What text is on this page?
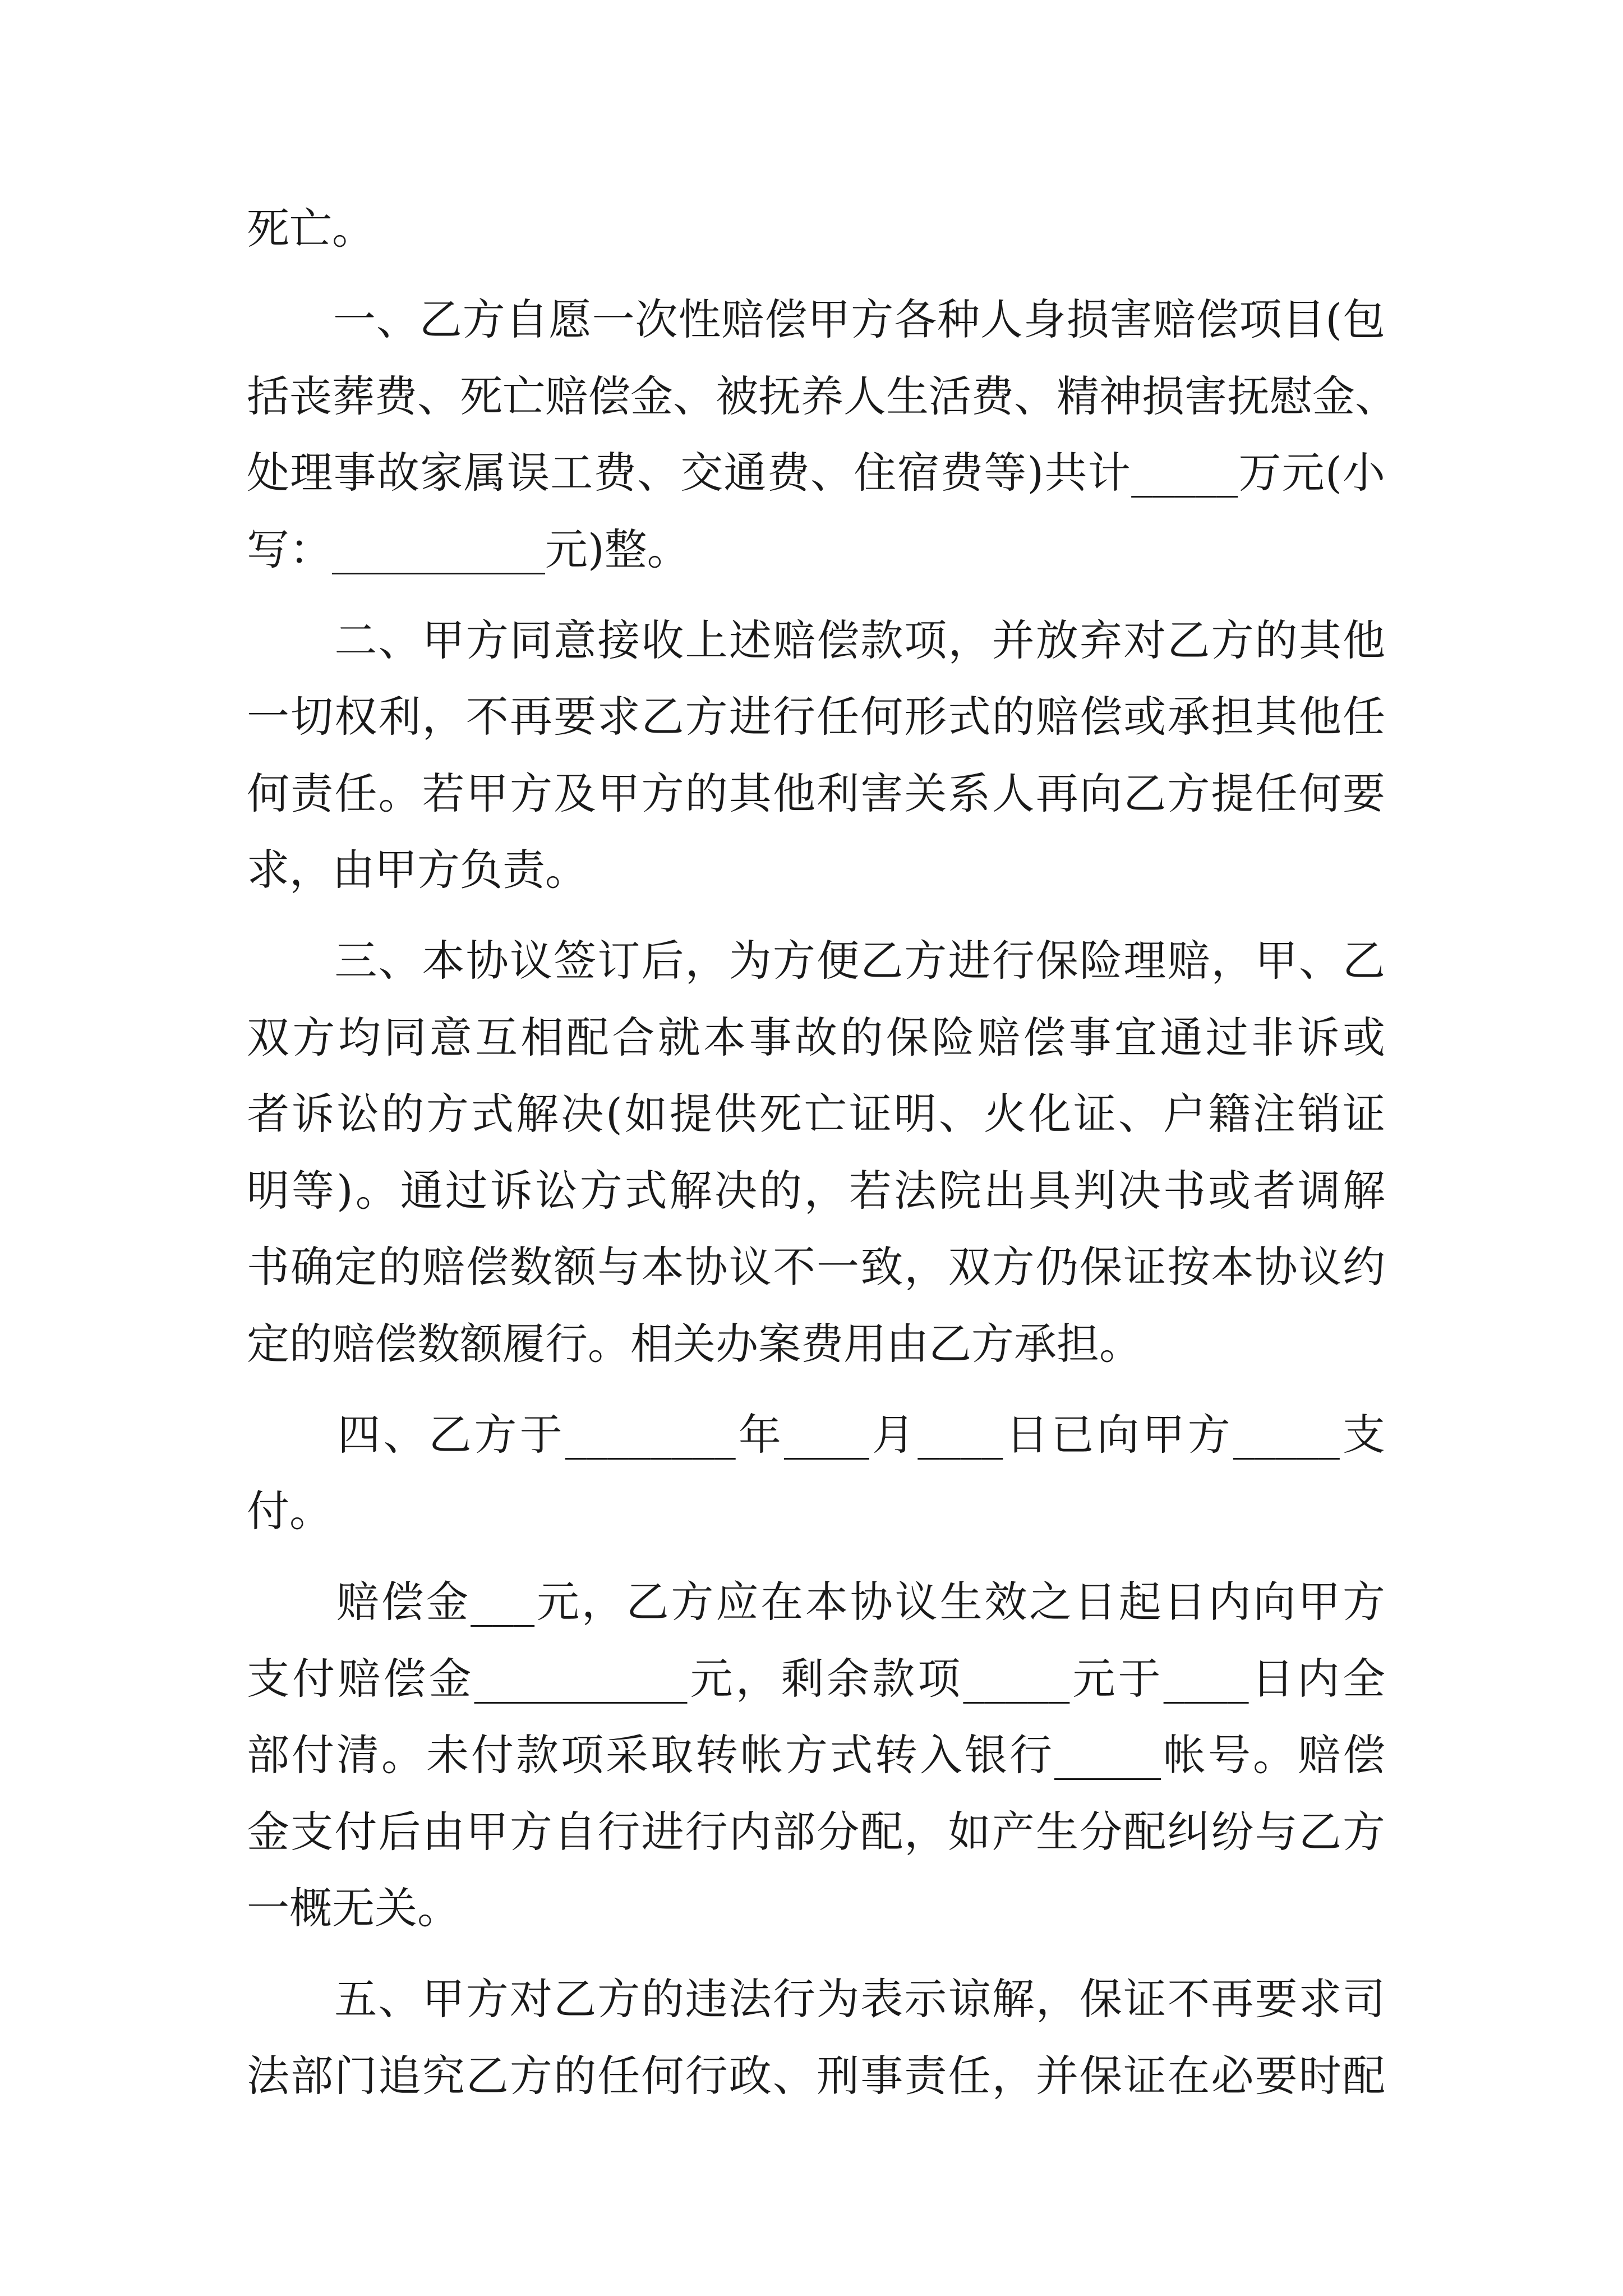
死亡。
　　一、乙方自愿一次性赔偿甲方各种人身损害赔偿项目(包
括丧葬费、死亡赔偿金、被抚养人生活费、精神损害抚慰金、
处理事故家属误工费、交通费、住宿费等)共计_____万元(小
写：__________元)整。
　　二、甲方同意接收上述赔偿款项，并放弃对乙方的其他
一切权利，不再要求乙方进行任何形式的赔偿或承担其他任
何责任。若甲方及甲方的其他利害关系人再向乙方提任何要
求，由甲方负责。
　　三、本协议签订后，为方便乙方进行保险理赔，甲、乙
双方均同意互相配合就本事故的保险赔偿事宜通过非诉或
者诉讼的方式解决(如提供死亡证明、火化证、户籍注销证
明等)。通过诉讼方式解决的，若法院出具判决书或者调解
书确定的赔偿数额与本协议不一致，双方仍保证按本协议约
定的赔偿数额履行。相关办案费用由乙方承担。
　　四、乙方于________年____月____日已向甲方_____支
付。
　　赔偿金___元，乙方应在本协议生效之日起日内向甲方
支付赔偿金__________元，剩余款项_____元于____日内全
部付清。未付款项采取转帐方式转入银行_____帐号。赔偿
金支付后由甲方自行进行内部分配，如产生分配纠纷与乙方
一概无关。
　　五、甲方对乙方的违法行为表示谅解，保证不再要求司
法部门追究乙方的任何行政、刑事责任，并保证在必要时配
